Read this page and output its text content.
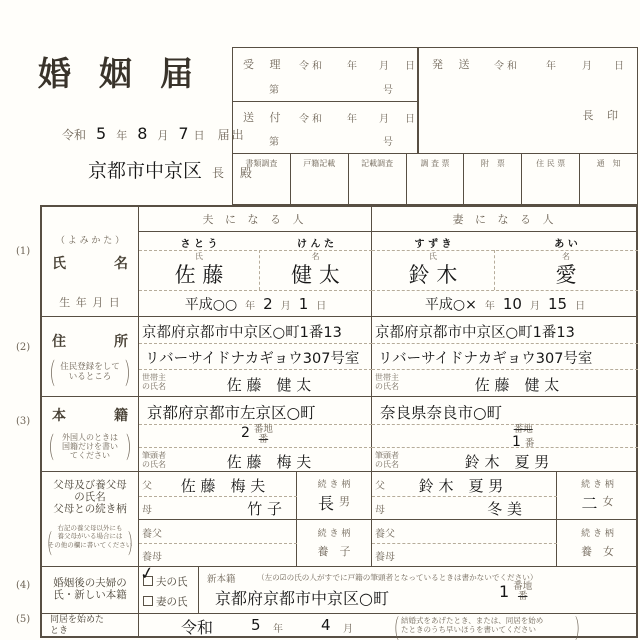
婚姻届
令和 5 年 8 月 7 日 届出
京都市中京区 長 殿
受 理 令和 年 月 日
第	号
送 付 令和 年 月 日
第	号
発 送 令和	年	月 日
長 印
書類調査	戸籍記載	記載調査	調 査 票	附　票	住 民 票	通　知
(1)
(2)
(3)
(4)
(5)
（ よ み か た ）
氏	名
生 年 月 日
夫 に な る 人	妻 に な る 人
さ と う	け ん た
氏	名
佐 藤	健 太
平成○○ 年 2 月 1 日
す ず き	あ い
氏	名
鈴 木	愛
平成○× 年 10 月 15 日
住	所
（	）
住民登録をして
いるところ
京都府京都市中京区○町1番13
リバーサイドナカギョウ307号室
世帯主
の氏名	佐 藤　健 太
京都府京都市中京区○町1番13
リバーサイドナカギョウ307号室
世帯主
の氏名	佐 藤　健 太
本	籍
（	）
外国人のときは
国籍だけを書い
てください
京都府京都市左京区○町
2 番地
番
筆頭者
の氏名	佐 藤　梅 夫
奈良県奈良市○町
番地
1 番
筆頭者
の氏名	鈴 木　夏 男
父母及び養父母
の氏名
父母との続き柄
（	）
右記の養父母以外にも
養父母がいる場合には
その他の欄に書いてください
父	佐 藤　梅 夫
母	竹 子
続 き 柄
長 $^男$
父	鈴 木　夏 男
母	冬 美
続 き 柄
二 $^女$
養父
養母
続 き 柄
養　子
養父
養母
続 き 柄
養　女
婚姻後の夫婦の
氏・新しい本籍
夫の氏
✓
妻の氏
新本籍	（左の☑の氏の人がすでに戸籍の筆頭者となっているときは書かないでください）
京都府京都市中京区○町	1 番地
番
同居を始めた
とき	令和	5 年	4 月	（ 結婚式をあげたとき、または、同居を始め
たときのうち早いほうを書いてください	）
